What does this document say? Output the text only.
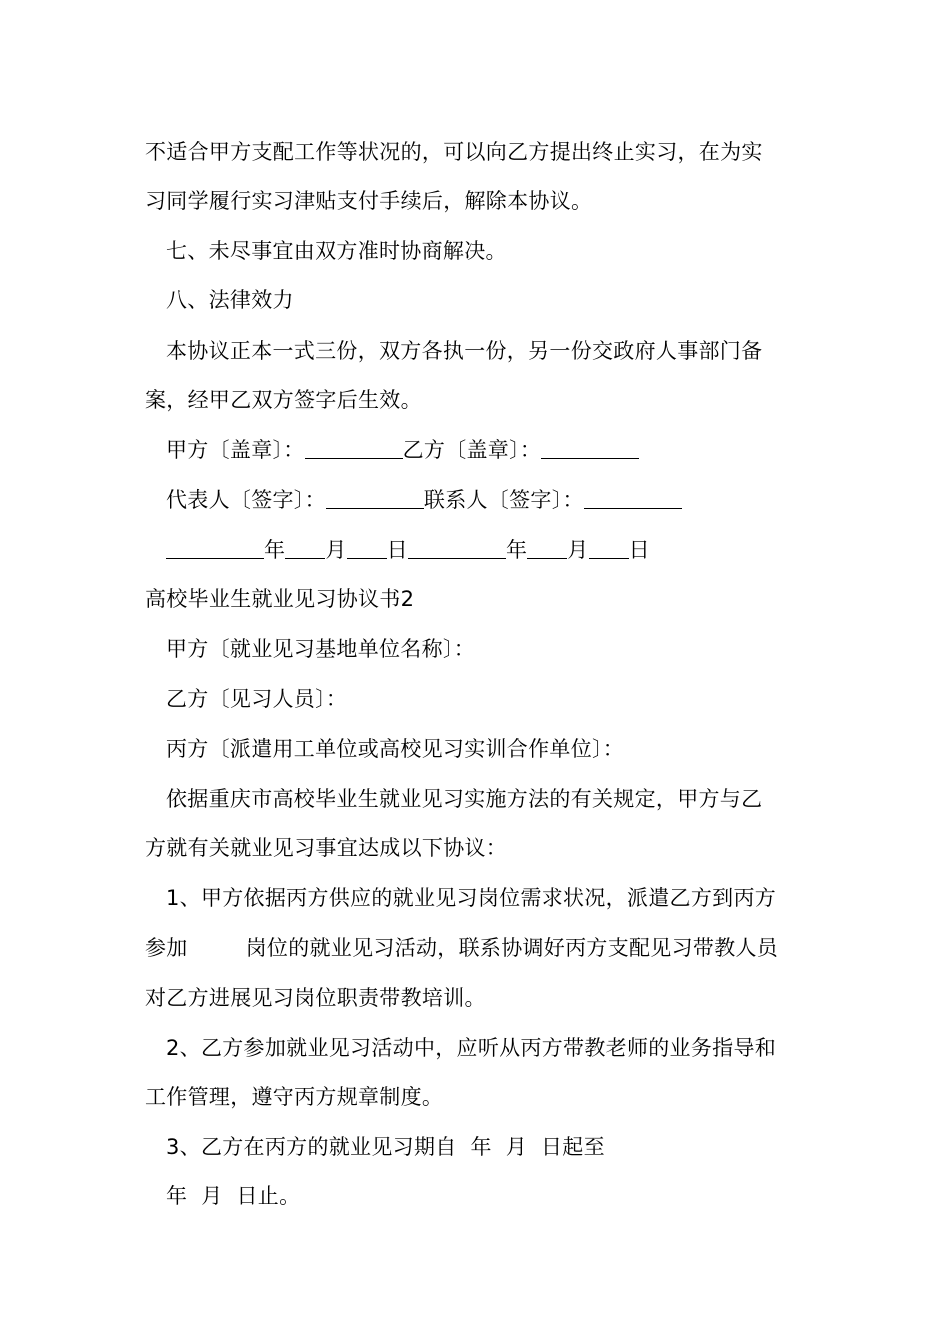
不适合甲方支配工作等状况的，可以向乙方提出终止实习，在为实

习同学履行实习津贴支付手续后，解除本协议。

七、未尽事宜由双方准时协商解决。

八、法律效力

本协议正本一式三份，双方各执一份，另一份交政府人事部门备

案，经甲乙双方签字后生效。

甲方〔盖章〕：	乙方〔盖章〕：

代表人〔签字〕：	联系人〔签字〕：

年 月 日	年 月 日

高校毕业生就业见习协议书2

甲方〔就业见习基地单位名称〕：

乙方〔见习人员〕：

丙方〔派遣用工单位或高校见习实训合作单位〕：

依据重庆市高校毕业生就业见习实施方法的有关规定，甲方与乙

方就有关就业见习事宜达成以下协议：

1、甲方依据丙方供应的就业见习岗位需求状况，派遣乙方到丙方

参加	岗位的就业见习活动，联系协调好丙方支配见习带教人员

对乙方进展见习岗位职责带教培训。

2、乙方参加就业见习活动中，应听从丙方带教老师的业务指导和

工作管理，遵守丙方规章制度。

3、乙方在丙方的就业见习期自  年  月  日起至

年  月  日止。
